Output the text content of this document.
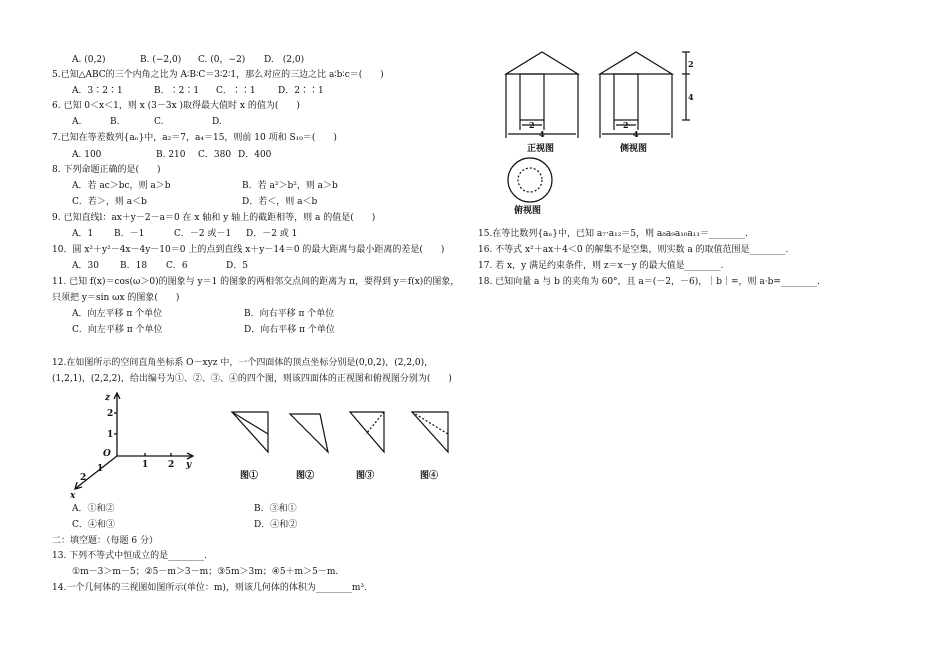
A. (0,2)	B. (−2,0) C. (0，−2) D.　(2,0)
5.已知△ABC的三个内角之比为 A∶B∶C＝3∶2∶1，那么对应的三边之比 a∶b∶c＝(　　)
A．3∶2∶1	B．∶2∶1 C．∶∶1 D．2∶∶1
6. 已知 0＜x＜1，则 x (3－3x )取得最大值时 x 的值为(　　)
A.	B.	C.	D.
7.已知在等差数列{aₙ}中，a₂＝7，a₄＝15，则前 10 项和 S₁₀＝(　　)
A. 100	B. 210 C．380 D．400
8. 下列命题正确的是(　　)
A．若 ac＞bc，则 a＞b	B．若 a²＞b²，则 a＞b
C．若＞，则 a＜b	D．若＜，则 a＜b
9. 已知直线l：ax＋y－2－a＝0 在 x 轴和 y 轴上的截距相等，则 a 的值是(　　)
A．1 B．－1	C．－2 或－1 D．－2 或 1
10．圆 x²＋y²－4x－4y－10＝0 上的点到直线 x＋y－14＝0 的最大距离与最小距离的差是(　　)
A．30 B．18 C．6	D．5
11. 已知 f(x)＝cos(ω＞0)的图象与 y＝1 的图象的两相邻交点间的距离为 π，要得到 y＝f(x)的图象，
只须把 y＝sin ωx 的图象(　　)
A．向左平移 π 个单位	B．向右平移 π 个单位
C．向左平移 π 个单位	D．向右平移 π 个单位
12.在如图所示的空间直角坐标系 O－xyz 中，一个四面体的顶点坐标分别是(0,0,2)，(2,2,0)，
(1,2,1)，(2,2,2)，给出编号为①、②、③、④的四个图，则该四面体的正视图和俯视图分别为(　　)
z
2
1
O
1 2 y
1
2
x
图①	图②	图③	图④
A．①和②	B．③和①
C．④和③	D．④和②
二：填空题：（每题 6 分）
13. 下列不等式中恒成立的是________.
①m－3＞m－5；②5－m＞3－m；③5m＞3m；④5＋m＞5－m.
14.一个几何体的三视图如图所示(单位：m)，则该几何体的体积为________m³.
2
4
正视图
2
4
2
4
侧视图
俯视图
15.在等比数列{aₙ}中，已知 a₇·a₁₂＝5，则 a₈a₉a₁₀a₁₁＝________.
16. 不等式 x²＋ax＋4＜0 的解集不是空集，则实数 a 的取值范围是________.
17. 若 x，y 满足约束条件，则 z＝x－y 的最大值是________.
18. 已知向量 a 与 b 的夹角为 60°，且 a＝(－2，－6)，｜b｜=，则 a·b=________.
